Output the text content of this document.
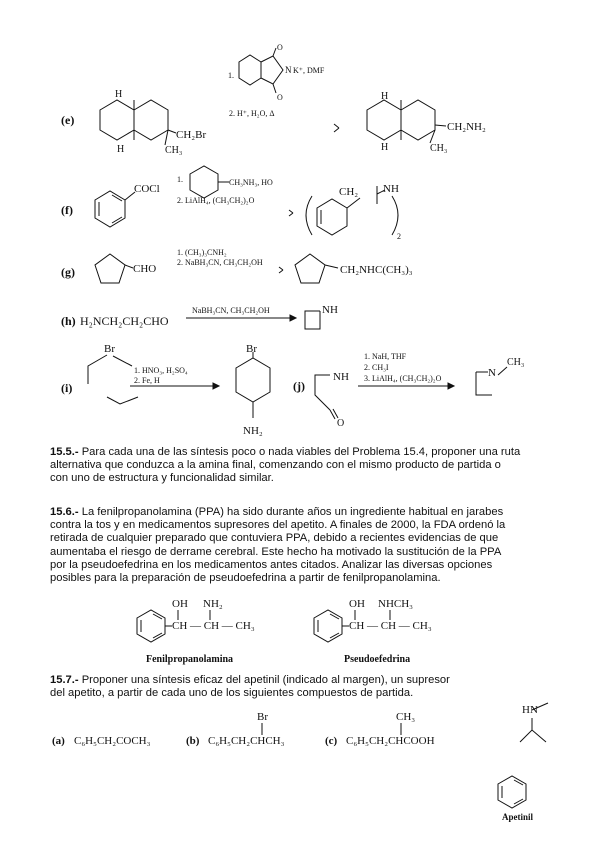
(e)
H
H
CH₂Br
CH₃
1.
O
O
N K⁺, DMF
2. H⁺, H₂O, Δ
H
H
CH₂NH₂
CH₃
(f)
COCl
1.	CH₃NH₃, HO
2. LiAlH₄, (CH₃CH₂)₂O
CH₂ NH
2
(g)	CHO
1. (CH₃)₃CNH₂
2. NaBH₃CN, CH₃CH₂OH
CH₂NHC(CH₃)₃
(h) H₂NCH₂CH₂CHO
NaBH₃CN, CH₃CH₂OH	NH
(i)
Br
1. HNO₃, H₂SO₄
2. Fe, H
Br
NH₂
(j)
NH
O
1. NaH, THF
2. CH₃I
3. LiAlH₄, (CH₃CH₂)₂O	N
CH₃
15.5.- Para cada una de las síntesis poco o nada viables del Problema 15.4, proponer una ruta
alternativa que conduzca a la amina final, comenzando con el mismo producto de partida o
con uno de estructura y funcionalidad similar.
15.6.- La fenilpropanolamina (PPA) ha sido durante años un ingrediente habitual en jarabes
contra la tos y en medicamentos supresores del apetito. A finales de 2000, la FDA ordenó la
retirada de cualquier preparado que contuviera PPA, debido a recientes evidencias de que
aumentaba el riesgo de derrame cerebral. Este hecho ha motivado la sustitución de la PPA
por la pseudoefedrina en los medicamentos antes citados. Analizar las diversas opciones
posibles para la preparación de pseudoefedrina a partir de fenilpropanolamina.
OH NH₂
CH — CH — CH₃
Fenilpropanolamina
OH NHCH₃
CH — CH — CH₃
Pseudoefedrina
15.7.- Proponer una síntesis eficaz del apetinil (indicado al margen), un supresor
del apetito, a partir de cada uno de los siguientes compuestos de partida.
(a) C₆H₅CH₂COCH₃	(b) C₆H₅CH₂CHCH₃
Br
(c) C₆H₅CH₂CHCOOH
CH₃
HN
Apetinil
